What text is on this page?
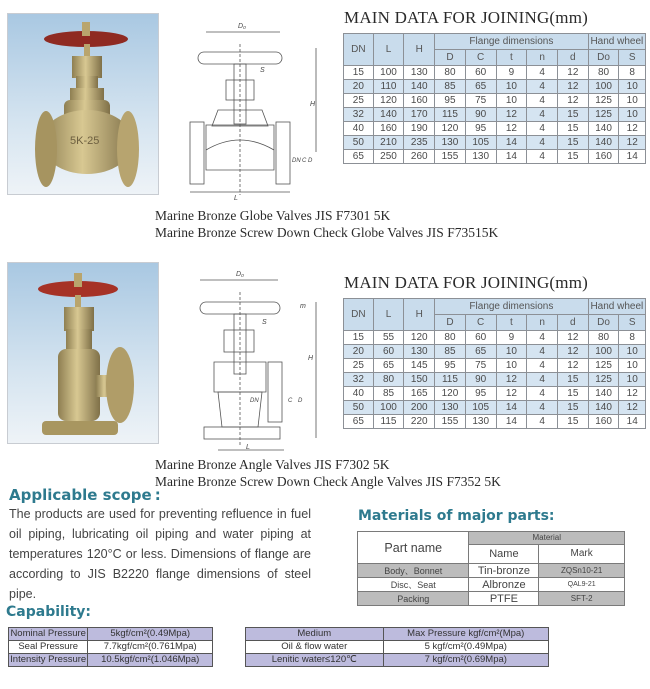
5K-25
D₀
L
H
S
DN C D
MAIN DATA FOR JOINING(mm)
DN	L	H	Flange dimensions					Hand wheel	
			D	C	t	n	d	Do	S
15	100	130	80	60	9	4	12	80	8
20	110	140	85	65	10	4	12	100	10
25	120	160	95	75	10	4	12	125	10
32	140	170	115	90	12	4	15	125	10
40	160	190	120	95	12	4	15	140	12
50	210	235	130	105	14	4	15	140	12
65	250	260	155	130	14	4	15	160	14
Marine Bronze Globe Valves JIS F7301 5K
Marine Bronze Screw Down Check Globe Valves JIS F73515K
D₀
L
H
m
S
C D
DN
MAIN DATA FOR JOINING(mm)
DN	L	H	Flange dimensions					Hand wheel	
			D	C	t	n	d	Do	S
15	55	120	80	60	9	4	12	80	8
20	60	130	85	65	10	4	12	100	10
25	65	145	95	75	10	4	12	125	10
32	80	150	115	90	12	4	15	125	10
40	85	165	120	95	12	4	15	140	12
50	100	200	130	105	14	4	15	140	12
65	115	220	155	130	14	4	15	160	14
Marine Bronze Angle Valves JIS F7302 5K
Marine Bronze Screw Down Check Angle Valves JIS F7352 5K
Applicable scope :
The products are used for preventing refluence in fuel oil piping, lubricating oil piping and water piping at temperatures 120°C or less. Dimensions of flange are according to JIS B2220 flange dimensions of steel pipe.
Materials of major parts:
Part name	Material	
	Name	Mark
Body、Bonnet	Tin-bronze	ZQSn10-21
Disc、Seat	Albronze	QAL9-21
Packing	PTFE	SFT-2
Capability:
Nominal Pressure	5kgf/cm²(0.49Mpa)
Seal Pressure	7.7kgf/cm²(0.761Mpa)
Intensity Pressure	10.5kgf/cm²(1.046Mpa)
Medium	Max Pressure kgf/cm²(Mpa)
Oil & flow water	5 kgf/cm²(0.49Mpa)
Lenitic water≤120℃	7 kgf/cm²(0.69Mpa)
